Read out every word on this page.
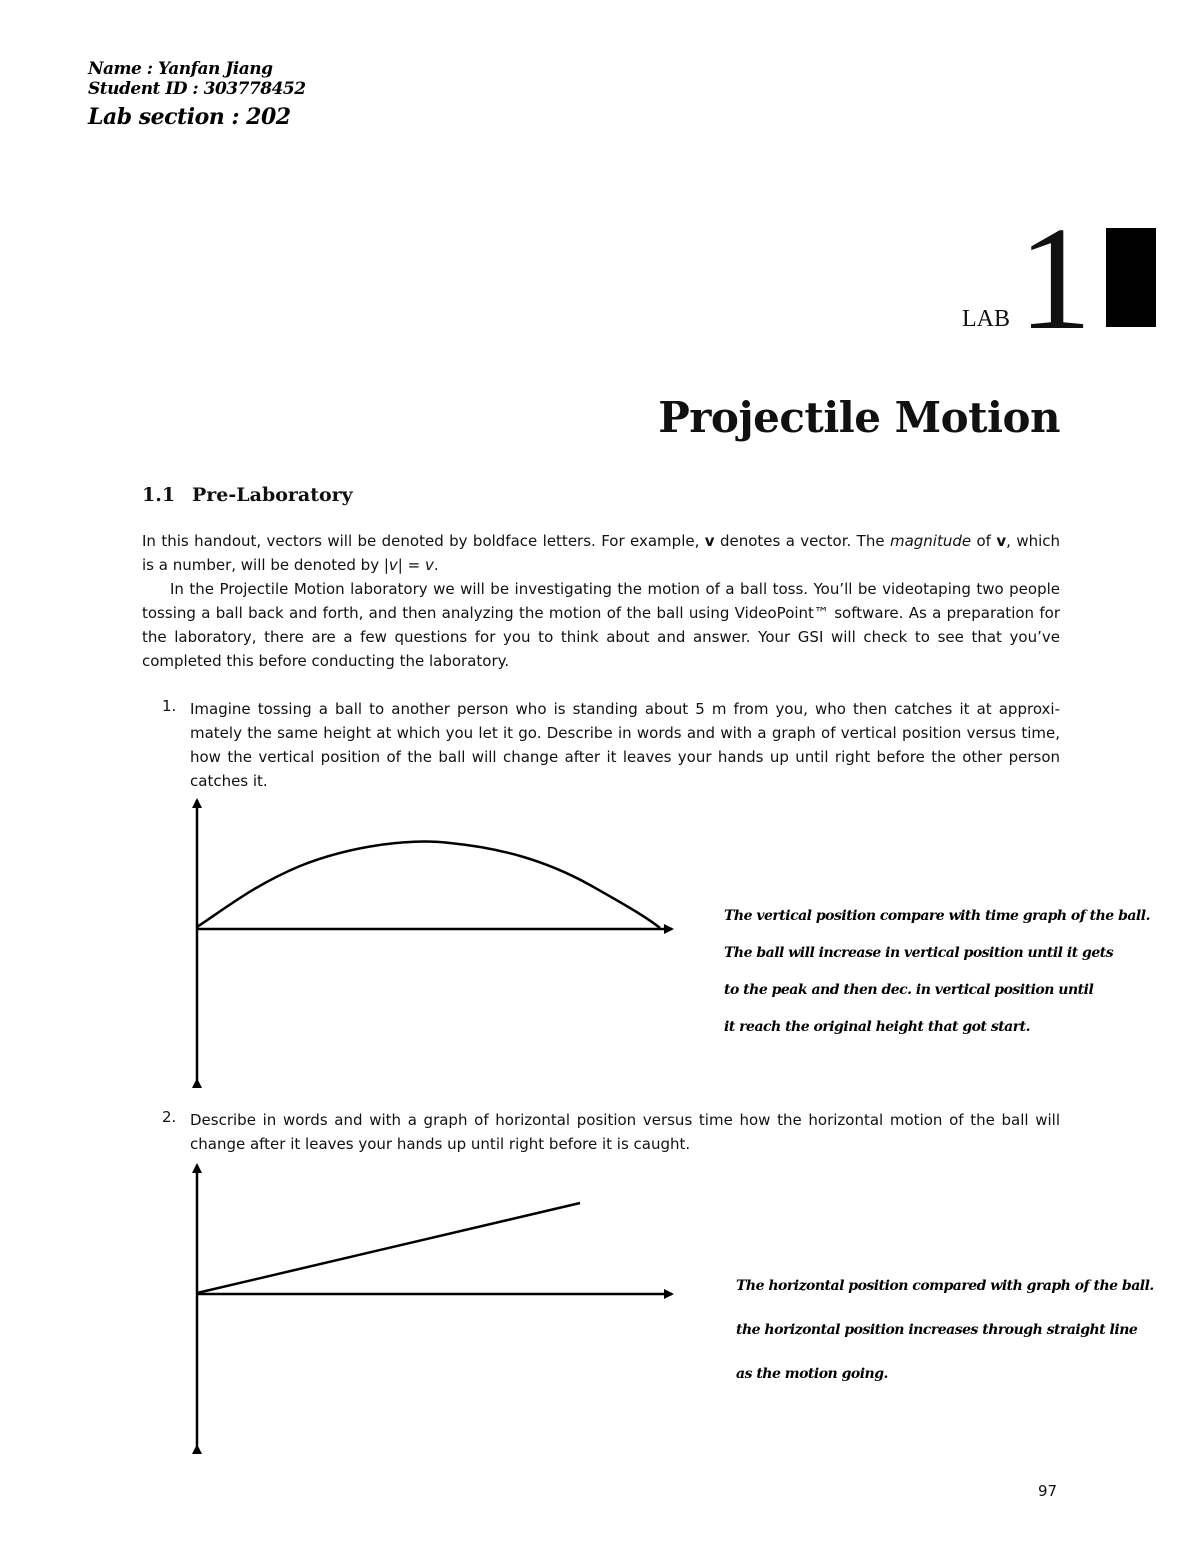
Name : Yanfan Jiang
Student ID : 303778452
Lab section : 202
LAB 1
Projectile Motion
1.1 Pre-Laboratory
In this handout, vectors will be denoted by boldface letters. For example, v denotes a vector. The magnitude of v, which is a number, will be denoted by |v| = v.
In the Projectile Motion laboratory we will be investigating the motion of a ball toss. You’ll be videotaping two people tossing a ball back and forth, and then analyzing the motion of the ball using VideoPoint™ software. As a preparation for the laboratory, there are a few questions for you to think about and answer. Your GSI will check to see that you’ve completed this before conducting the laboratory.
1. Imagine tossing a ball to another person who is standing about 5 m from you, who then catches it at approxi-mately the same height at which you let it go. Describe in words and with a graph of vertical position versus time, how the vertical position of the ball will change after it leaves your hands up until right before the other person catches it.
2. Describe in words and with a graph of horizontal position versus time how the horizontal motion of the ball will change after it leaves your hands up until right before it is caught.
The vertical position compare with time graph of the ball.
The ball will increase in vertical position until it gets
to the peak and then dec. in vertical position until
it reach the original height that got start.
The horizontal position compared with graph of the ball.
the horizontal position increases through straight line
as the motion going.
97
